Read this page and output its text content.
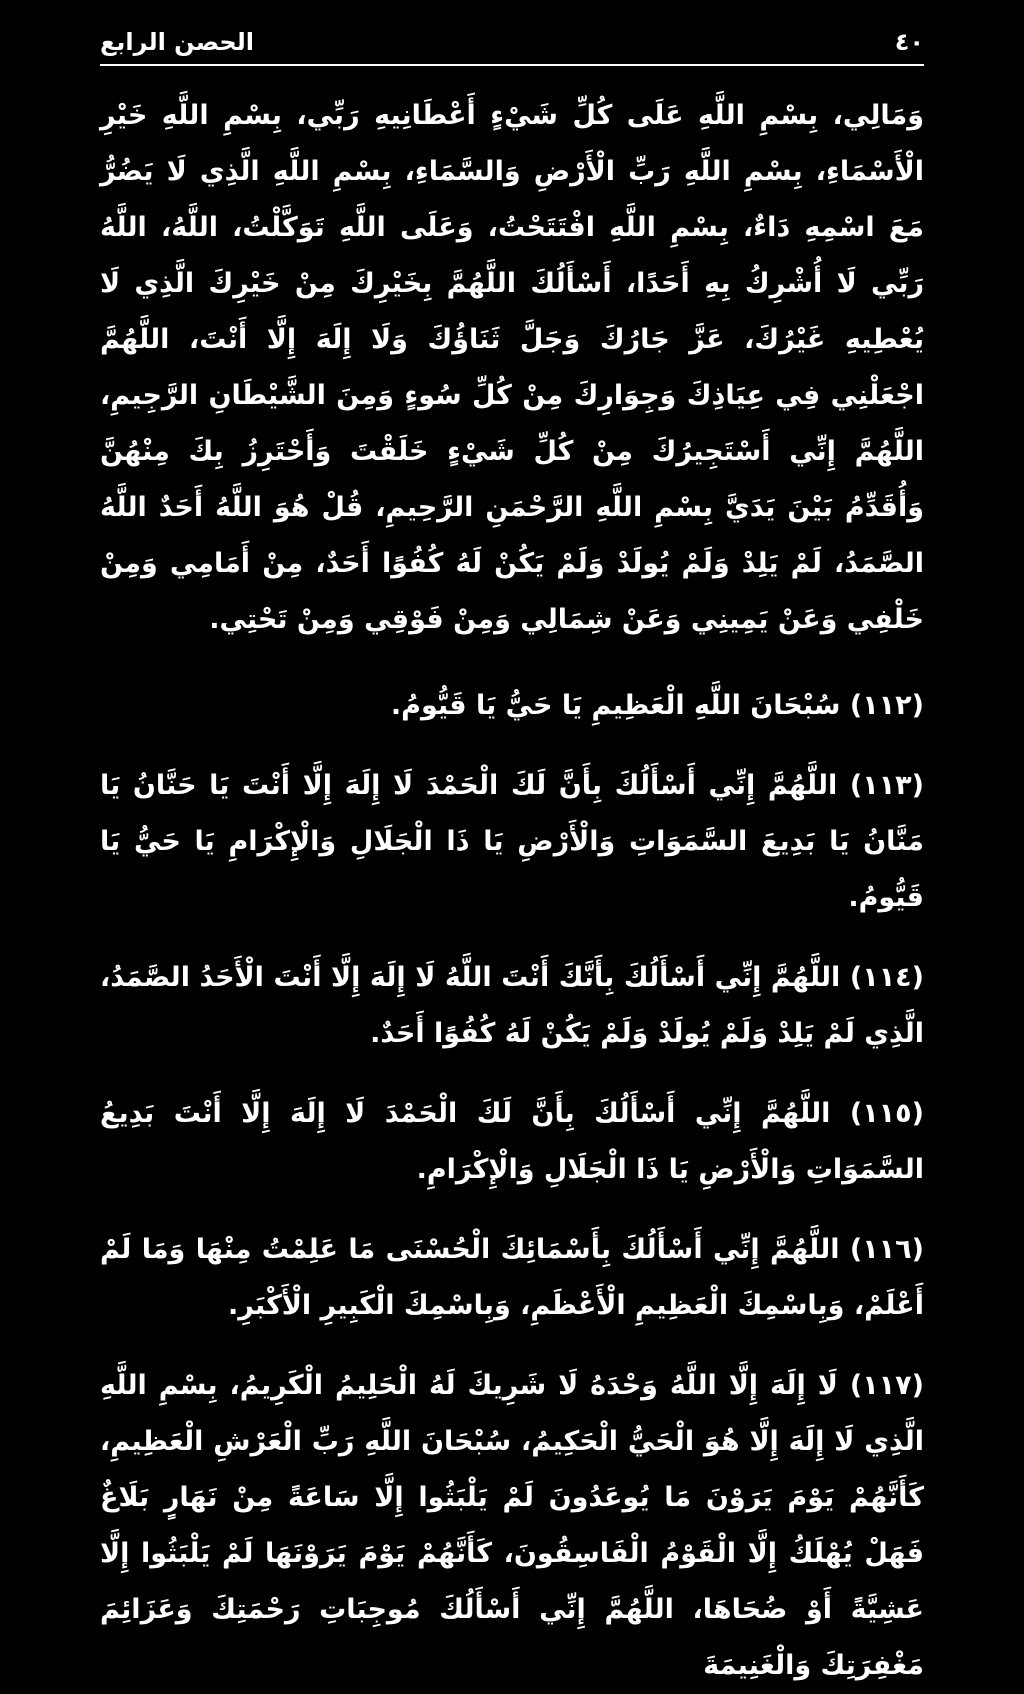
٤٠
الحصن الرابع

وَمَالِي، بِسْمِ اللَّهِ عَلَى كُلِّ شَيْءٍ أَعْطَانِيهِ رَبِّي، بِسْمِ اللَّهِ خَيْرِ الْأَسْمَاءِ، بِسْمِ اللَّهِ رَبِّ الْأَرْضِ وَالسَّمَاءِ، بِسْمِ اللَّهِ الَّذِي لَا يَضُرُّ مَعَ اسْمِهِ دَاءٌ، بِسْمِ اللَّهِ افْتَتَحْتُ، وَعَلَى اللَّهِ تَوَكَّلْتُ، اللَّهُ، اللَّهُ رَبِّي لَا أُشْرِكُ بِهِ أَحَدًا، أَسْأَلُكَ اللَّهُمَّ بِخَيْرِكَ مِنْ خَيْرِكَ الَّذِي لَا يُعْطِيهِ غَيْرُكَ، عَزَّ جَارُكَ وَجَلَّ ثَنَاؤُكَ وَلَا إِلَهَ إِلَّا أَنْتَ، اللَّهُمَّ اجْعَلْنِي فِي عِيَاذِكَ وَجِوَارِكَ مِنْ كُلِّ سُوءٍ وَمِنَ الشَّيْطَانِ الرَّجِيمِ، اللَّهُمَّ إِنِّي أَسْتَجِيرُكَ مِنْ كُلِّ شَيْءٍ خَلَقْتَ وَأَحْتَرِزُ بِكَ مِنْهُنَّ وَأُقَدِّمُ بَيْنَ يَدَيَّ بِسْمِ اللَّهِ الرَّحْمَنِ الرَّحِيمِ، قُلْ هُوَ اللَّهُ أَحَدٌ اللَّهُ الصَّمَدُ، لَمْ يَلِدْ وَلَمْ يُولَدْ وَلَمْ يَكُنْ لَهُ كُفُوًا أَحَدٌ، مِنْ أَمَامِي وَمِنْ خَلْفِي وَعَنْ يَمِينِي وَعَنْ شِمَالِي وَمِنْ فَوْقِي وَمِنْ تَحْتِي.

(١١٢) سُبْحَانَ اللَّهِ الْعَظِيمِ يَا حَيُّ يَا قَيُّومُ.

(١١٣) اللَّهُمَّ إِنِّي أَسْأَلُكَ بِأَنَّ لَكَ الْحَمْدَ لَا إِلَهَ إِلَّا أَنْتَ يَا حَنَّانُ يَا مَنَّانُ يَا بَدِيعَ السَّمَوَاتِ وَالْأَرْضِ يَا ذَا الْجَلَالِ وَالْإِكْرَامِ يَا حَيُّ يَا قَيُّومُ.

(١١٤) اللَّهُمَّ إِنِّي أَسْأَلُكَ بِأَنَّكَ أَنْتَ اللَّهُ لَا إِلَهَ إِلَّا أَنْتَ الْأَحَدُ الصَّمَدُ، الَّذِي لَمْ يَلِدْ وَلَمْ يُولَدْ وَلَمْ يَكُنْ لَهُ كُفُوًا أَحَدٌ.

(١١٥) اللَّهُمَّ إِنِّي أَسْأَلُكَ بِأَنَّ لَكَ الْحَمْدَ لَا إِلَهَ إِلَّا أَنْتَ بَدِيعُ السَّمَوَاتِ وَالْأَرْضِ يَا ذَا الْجَلَالِ وَالْإِكْرَامِ.

(١١٦) اللَّهُمَّ إِنِّي أَسْأَلُكَ بِأَسْمَائِكَ الْحُسْنَى مَا عَلِمْتُ مِنْهَا وَمَا لَمْ أَعْلَمْ، وَبِاسْمِكَ الْعَظِيمِ الْأَعْظَمِ، وَبِاسْمِكَ الْكَبِيرِ الْأَكْبَرِ.

(١١٧) لَا إِلَهَ إِلَّا اللَّهُ وَحْدَهُ لَا شَرِيكَ لَهُ الْحَلِيمُ الْكَرِيمُ، بِسْمِ اللَّهِ الَّذِي لَا إِلَهَ إِلَّا هُوَ الْحَيُّ الْحَكِيمُ، سُبْحَانَ اللَّهِ رَبِّ الْعَرْشِ الْعَظِيمِ، كَأَنَّهُمْ يَوْمَ يَرَوْنَ مَا يُوعَدُونَ لَمْ يَلْبَثُوا إِلَّا سَاعَةً مِنْ نَهَارٍ بَلَاغٌ فَهَلْ يُهْلَكُ إِلَّا الْقَوْمُ الْفَاسِقُونَ، كَأَنَّهُمْ يَوْمَ يَرَوْنَهَا لَمْ يَلْبَثُوا إِلَّا عَشِيَّةً أَوْ ضُحَاهَا، اللَّهُمَّ إِنِّي أَسْأَلُكَ مُوجِبَاتِ رَحْمَتِكَ وَعَزَائِمَ مَغْفِرَتِكَ وَالْغَنِيمَةَ
